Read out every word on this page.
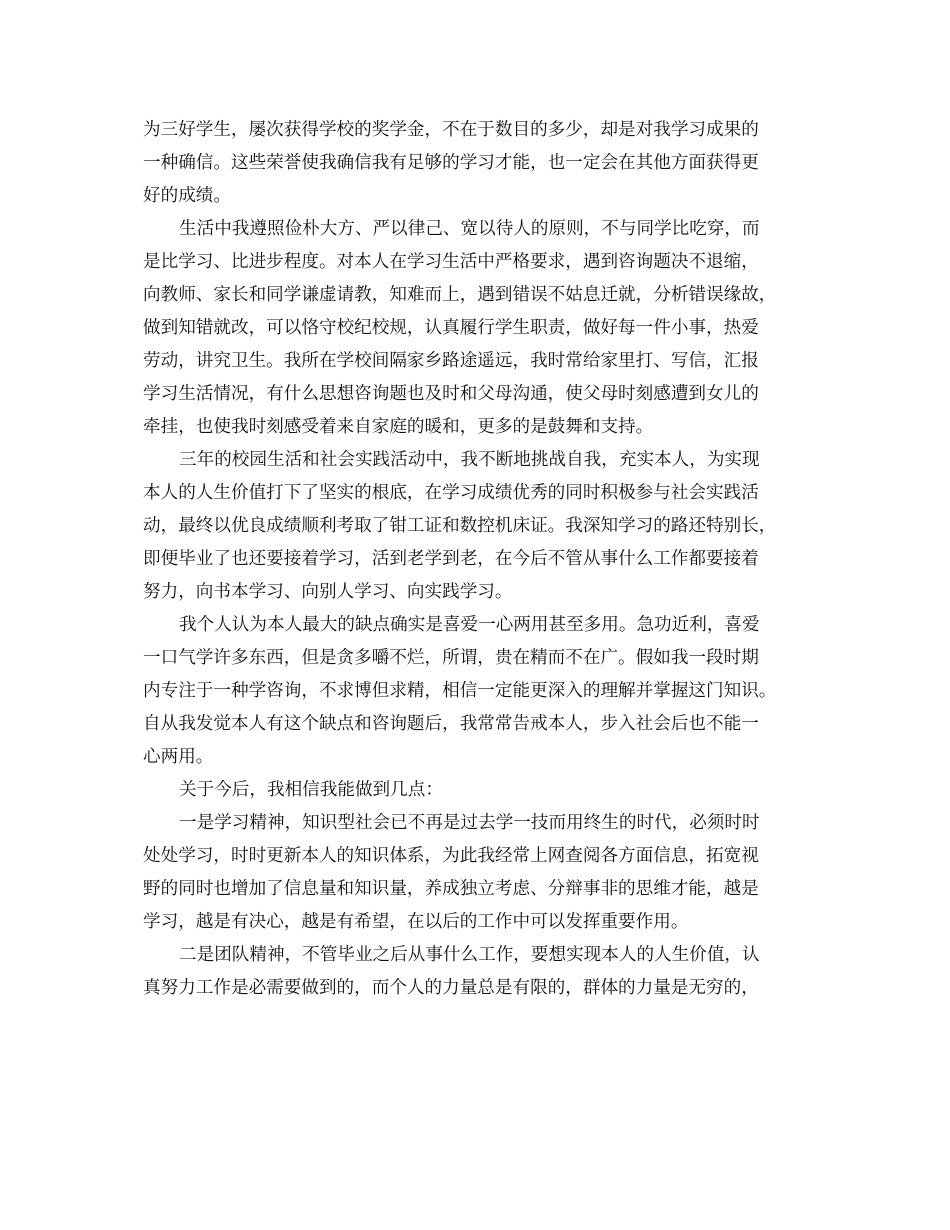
为三好学生，屡次获得学校的奖学金，不在于数目的多少，却是对我学习成果的
一种确信。这些荣誉使我确信我有足够的学习才能，也一定会在其他方面获得更
好的成绩。
生活中我遵照俭朴大方、严以律己、宽以待人的原则，不与同学比吃穿，而
是比学习、比进步程度。对本人在学习生活中严格要求，遇到咨询题决不退缩，
向教师、家长和同学谦虚请教，知难而上，遇到错误不姑息迁就，分析错误缘故，
做到知错就改，可以恪守校纪校规，认真履行学生职责，做好每一件小事，热爱
劳动，讲究卫生。我所在学校间隔家乡路途遥远，我时常给家里打、写信，汇报
学习生活情况，有什么思想咨询题也及时和父母沟通，使父母时刻感遭到女儿的
牵挂，也使我时刻感受着来自家庭的暖和，更多的是鼓舞和支持。
三年的校园生活和社会实践活动中，我不断地挑战自我，充实本人，为实现
本人的人生价值打下了坚实的根底，在学习成绩优秀的同时积极参与社会实践活
动，最终以优良成绩顺利考取了钳工证和数控机床证。我深知学习的路还特别长，
即便毕业了也还要接着学习，活到老学到老，在今后不管从事什么工作都要接着
努力，向书本学习、向别人学习、向实践学习。
我个人认为本人最大的缺点确实是喜爱一心两用甚至多用。急功近利，喜爱
一口气学许多东西，但是贪多嚼不烂，所谓，贵在精而不在广。假如我一段时期
内专注于一种学咨询，不求博但求精，相信一定能更深入的理解并掌握这门知识。
自从我发觉本人有这个缺点和咨询题后，我常常告戒本人，步入社会后也不能一
心两用。
关于今后，我相信我能做到几点：
一是学习精神，知识型社会已不再是过去学一技而用终生的时代，必须时时
处处学习，时时更新本人的知识体系，为此我经常上网查阅各方面信息，拓宽视
野的同时也增加了信息量和知识量，养成独立考虑、分辩事非的思维才能，越是
学习，越是有决心，越是有希望，在以后的工作中可以发挥重要作用。
二是团队精神，不管毕业之后从事什么工作，要想实现本人的人生价值，认
真努力工作是必需要做到的，而个人的力量总是有限的，群体的力量是无穷的，
